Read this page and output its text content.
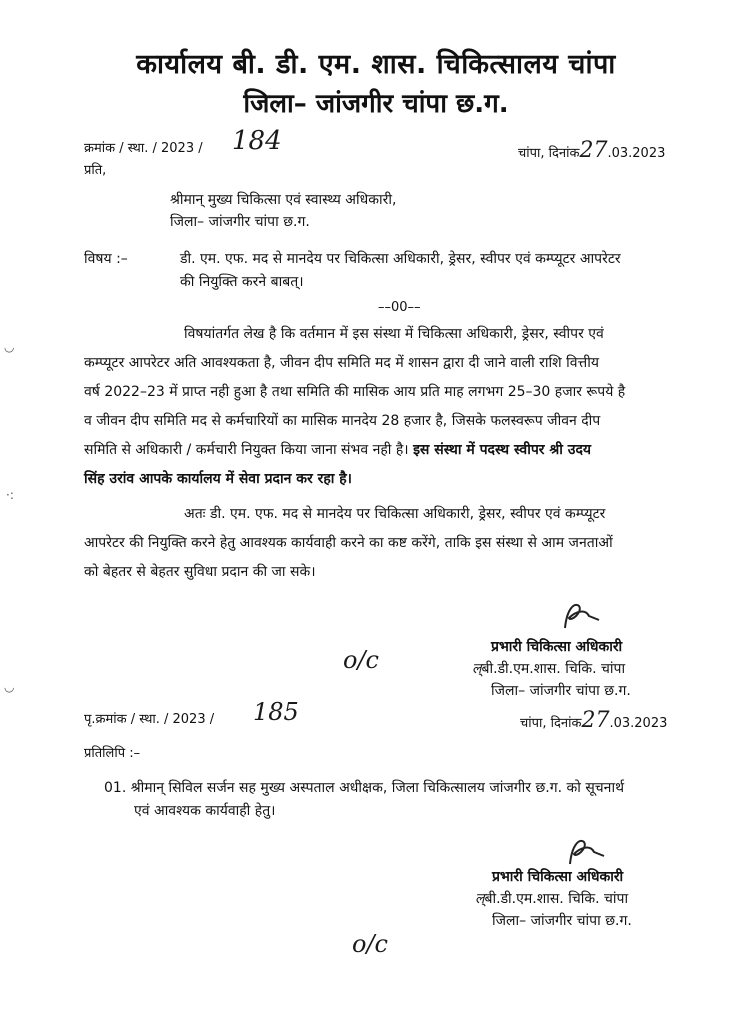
कार्यालय बी. डी. एम. शास. चिकित्सालय चांपा
जिला– जांजगीर चांपा छ.ग.
क्रमांक / स्था. / 2023 / 184	चांपा, दिनांक27.03.2023
प्रति,
श्रीमान् मुख्य चिकित्सा एवं स्वास्थ्य अधिकारी,
जिला– जांजगीर चांपा छ.ग.
विषय :–	डी. एम. एफ. मद से मानदेय पर चिकित्सा अधिकारी, ड्रेसर, स्वीपर एवं कम्प्यूटर आपरेटर
की नियुक्ति करने बाबत्।
––00––
विषयांतर्गत लेख है कि वर्तमान में इस संस्था में चिकित्सा अधिकारी, ड्रेसर, स्वीपर एवं
कम्प्यूटर आपरेटर अति आवश्यकता है, जीवन दीप समिति मद में शासन द्वारा दी जाने वाली राशि वित्तीय
वर्ष 2022–23 में प्राप्त नही हुआ है तथा समिति की मासिक आय प्रति माह लगभग 25–30 हजार रूपये है
व जीवन दीप समिति मद से कर्मचारियों का मासिक मानदेय 28 हजार है, जिसके फलस्वरूप जीवन दीप
समिति से अधिकारी / कर्मचारी नियुक्त किया जाना संभव नही है। इस संस्था में पदस्थ स्वीपर श्री उदय
सिंह उरांव आपके कार्यालय में सेवा प्रदान कर रहा है।
अतः डी. एम. एफ. मद से मानदेय पर चिकित्सा अधिकारी, ड्रेसर, स्वीपर एवं कम्प्यूटर
आपरेटर की नियुक्ति करने हेतु आवश्यक कार्यवाही करने का कष्ट करेंगे, ताकि इस संस्था से आम जनताओं
को बेहतर से बेहतर सुविधा प्रदान की जा सके।
प्रभारी चिकित्सा अधिकारी
ल्बी.डी.एम.शास. चिकि. चांपा
जिला– जांजगीर चांपा छ.ग.
o/c
पृ.क्रमांक / स्था. / 2023 / 185	चांपा, दिनांक27.03.2023
प्रतिलिपि :–
01. श्रीमान् सिविल सर्जन सह मुख्य अस्पताल अधीक्षक, जिला चिकित्सालय जांजगीर छ.ग. को सूचनार्थ
एवं आवश्यक कार्यवाही हेतु।
प्रभारी चिकित्सा अधिकारी
ल्बी.डी.एम.शास. चिकि. चांपा
जिला– जांजगीर चांपा छ.ग.
o/c
◡
·:
◡
